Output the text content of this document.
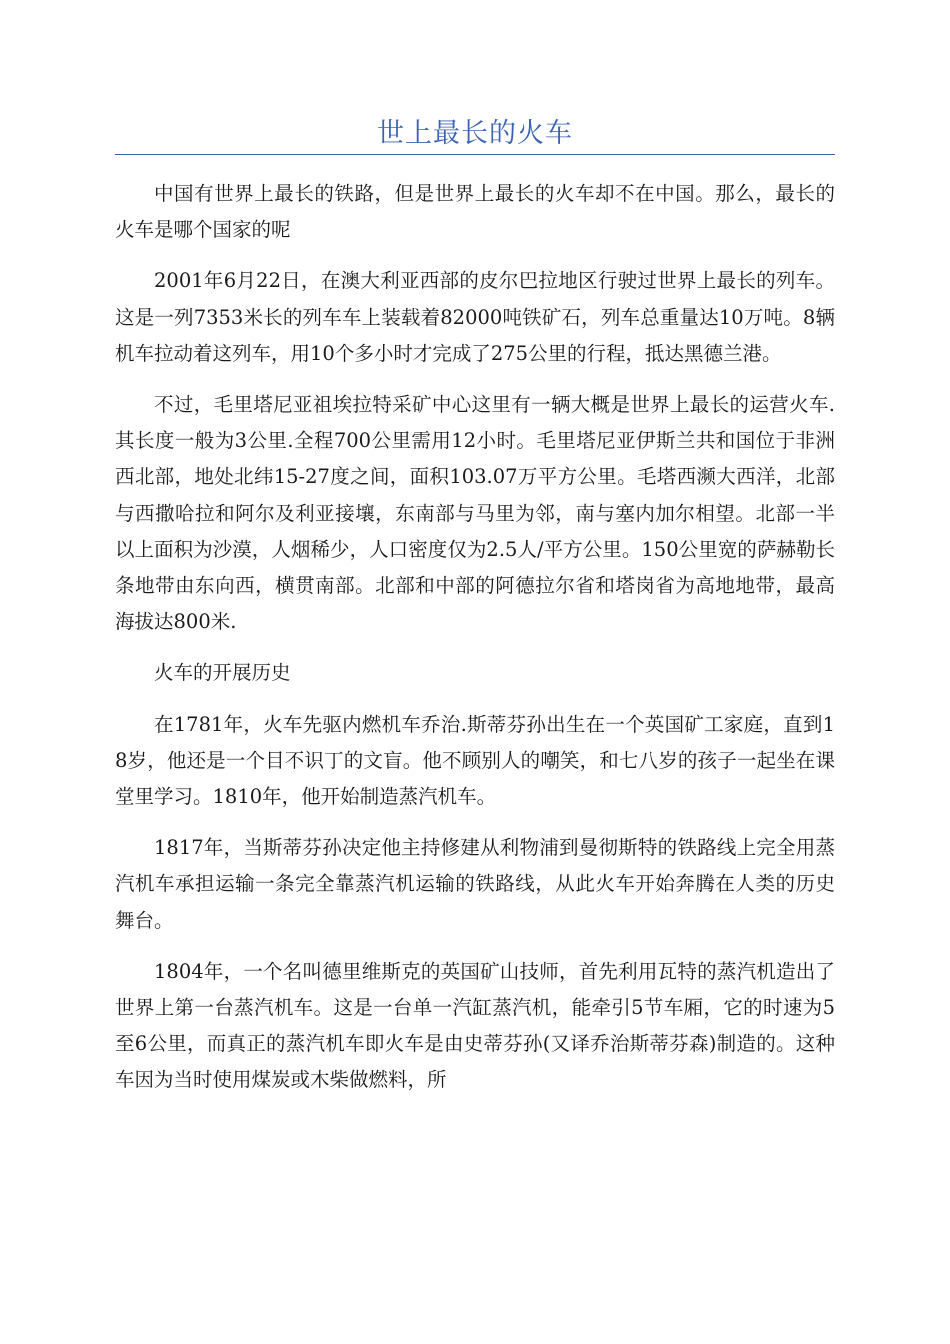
世上最长的火车

中国有世界上最长的铁路，但是世界上最长的火车却不在中国。那么，最长的火车是哪个国家的呢

2001年6月22日，在澳大利亚西部的皮尔巴拉地区行驶过世界上最长的列车。这是一列7353米长的列车车上装载着82000吨铁矿石，列车总重量达10万吨。8辆机车拉动着这列车，用10个多小时才完成了275公里的行程，抵达黑德兰港。

不过，毛里塔尼亚祖埃拉特采矿中心这里有一辆大概是世界上最长的运营火车.其长度一般为3公里.全程700公里需用12小时。毛里塔尼亚伊斯兰共和国位于非洲西北部，地处北纬15-27度之间，面积103.07万平方公里。毛塔西濒大西洋，北部与西撒哈拉和阿尔及利亚接壤，东南部与马里为邻，南与塞内加尔相望。北部一半以上面积为沙漠，人烟稀少，人口密度仅为2.5人/平方公里。150公里宽的萨赫勒长条地带由东向西，横贯南部。北部和中部的阿德拉尔省和塔岗省为高地地带，最高海拔达800米.

火车的开展历史

在1781年，火车先驱内燃机车乔治.斯蒂芬孙出生在一个英国矿工家庭，直到18岁，他还是一个目不识丁的文盲。他不顾别人的嘲笑，和七八岁的孩子一起坐在课堂里学习。1810年，他开始制造蒸汽机车。

1817年，当斯蒂芬孙决定他主持修建从利物浦到曼彻斯特的铁路线上完全用蒸汽机车承担运输一条完全靠蒸汽机运输的铁路线，从此火车开始奔腾在人类的历史舞台。

1804年，一个名叫德里维斯克的英国矿山技师，首先利用瓦特的蒸汽机造出了世界上第一台蒸汽机车。这是一台单一汽缸蒸汽机，能牵引5节车厢，它的时速为5至6公里，而真正的蒸汽机车即火车是由史蒂芬孙(又译乔治斯蒂芬森)制造的。这种车因为当时使用煤炭或木柴做燃料，所
